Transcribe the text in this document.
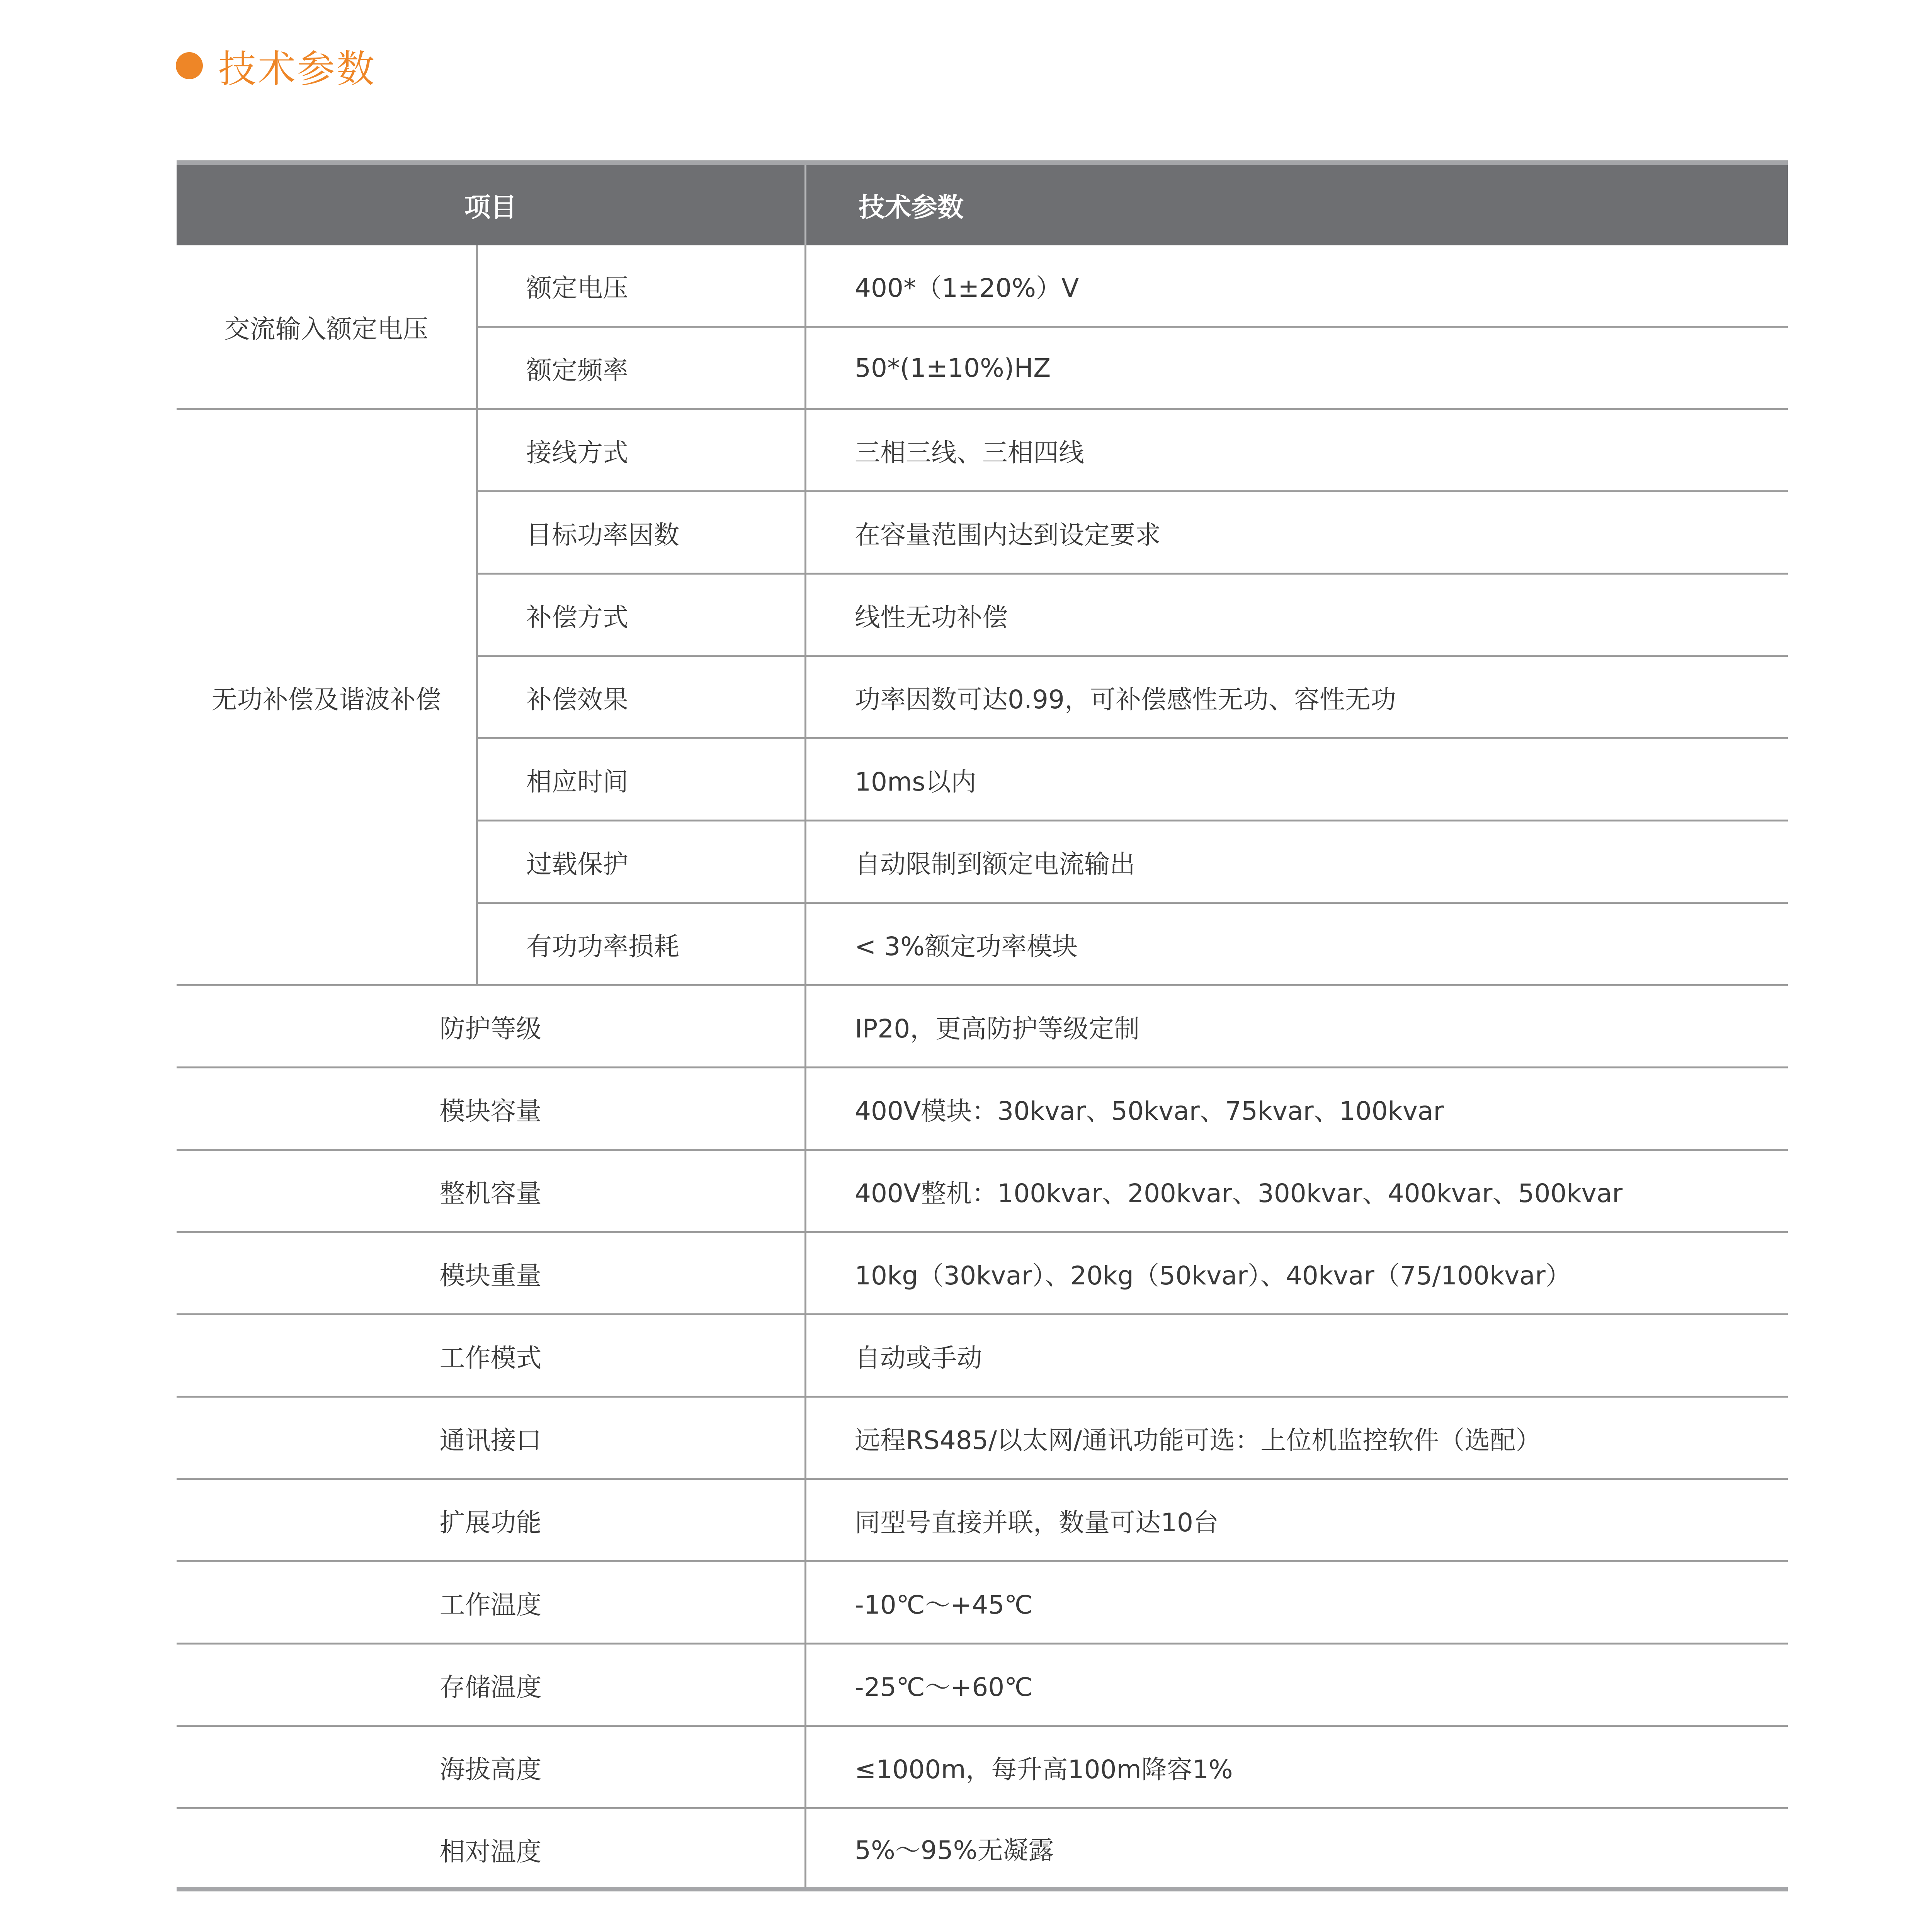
技术参数
项目	技术参数
交流输入额定电压
额定电压	400*（1±20%）V
额定频率	50*(1±10%)HZ
无功补偿及谐波补偿
接线方式	三相三线、三相四线
目标功率因数	在容量范围内达到设定要求
补偿方式	线性无功补偿
补偿效果	功率因数可达0.99，可补偿感性无功、容性无功
相应时间	10ms以内
过载保护	自动限制到额定电流输出
有功功率损耗	< 3%额定功率模块
防护等级	IP20，更高防护等级定制
模块容量	400V模块：30kvar、50kvar、75kvar、100kvar
整机容量	400V整机：100kvar、200kvar、300kvar、400kvar、500kvar
模块重量	10kg（30kvar）、20kg（50kvar）、40kvar（75/100kvar）
工作模式	自动或手动
通讯接口	远程RS485/以太网/通讯功能可选：上位机监控软件（选配）
扩展功能	同型号直接并联，数量可达10台
工作温度	-10℃～+45℃
存储温度	-25℃～+60℃
海拔高度	≤1000m，每升高100m降容1%
相对温度	5%～95%无凝露
